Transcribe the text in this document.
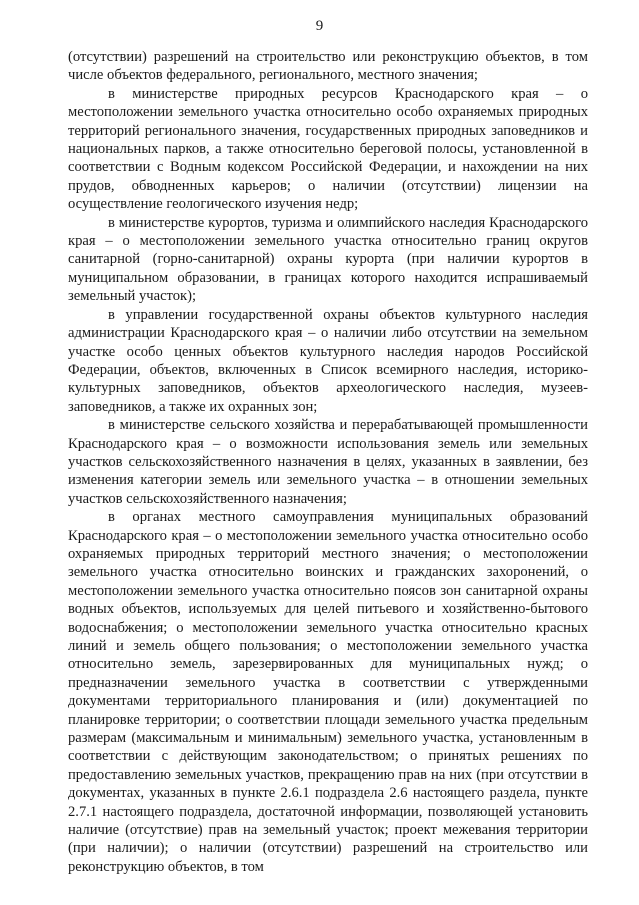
9

(отсутствии) разрешений на строительство или реконструкцию объектов, в том числе объектов федерального, регионального, местного значения;

в министерстве природных ресурсов Краснодарского края – о местоположении земельного участка относительно особо охраняемых природных территорий регионального значения, государственных природных заповедников и национальных парков, а также относительно береговой полосы, установленной в соответствии с Водным кодексом Российской Федерации, и нахождении на них прудов, обводненных карьеров; о наличии (отсутствии) лицензии на осуществление геологического изучения недр;

в министерстве курортов, туризма и олимпийского наследия Краснодарского края – о местоположении земельного участка относительно границ округов санитарной (горно-санитарной) охраны курорта (при наличии курортов в муниципальном образовании, в границах которого находится испрашиваемый земельный участок);

в управлении государственной охраны объектов культурного наследия администрации Краснодарского края – о наличии либо отсутствии на земельном участке особо ценных объектов культурного наследия народов Российской Федерации, объектов, включенных в Список всемирного наследия, историко-культурных заповедников, объектов археологического наследия, музеев-заповедников, а также их охранных зон;

в министерстве сельского хозяйства и перерабатывающей промышленности Краснодарского края – о возможности использования земель или земельных участков сельскохозяйственного назначения в целях, указанных в заявлении, без изменения категории земель или земельного участка – в отношении земельных участков сельскохозяйственного назначения;

в органах местного самоуправления муниципальных образований Краснодарского края – о местоположении земельного участка относительно особо охраняемых природных территорий местного значения; о местоположении земельного участка относительно воинских и гражданских захоронений, о местоположении земельного участка относительно поясов зон санитарной охраны водных объектов, используемых для целей питьевого и хозяйственно-бытового водоснабжения; о местоположении земельного участка относительно красных линий и земель общего пользования; о местоположении земельного участка относительно земель, зарезервированных для муниципальных нужд; о предназначении земельного участка в соответствии с утвержденными документами территориального планирования и (или) документацией по планировке территории; о соответствии площади земельного участка предельным размерам (максимальным и минимальным) земельного участка, установленным в соответствии с действующим законодательством; о принятых решениях по предоставлению земельных участков, прекращению прав на них (при отсутствии в документах, указанных в пункте 2.6.1 подраздела 2.6 настоящего раздела, пункте 2.7.1 настоящего подраздела, достаточной информации, позволяющей установить наличие (отсутствие) прав на земельный участок; проект межевания территории (при наличии); о наличии (отсутствии) разрешений на строительство или реконструкцию объектов, в том
